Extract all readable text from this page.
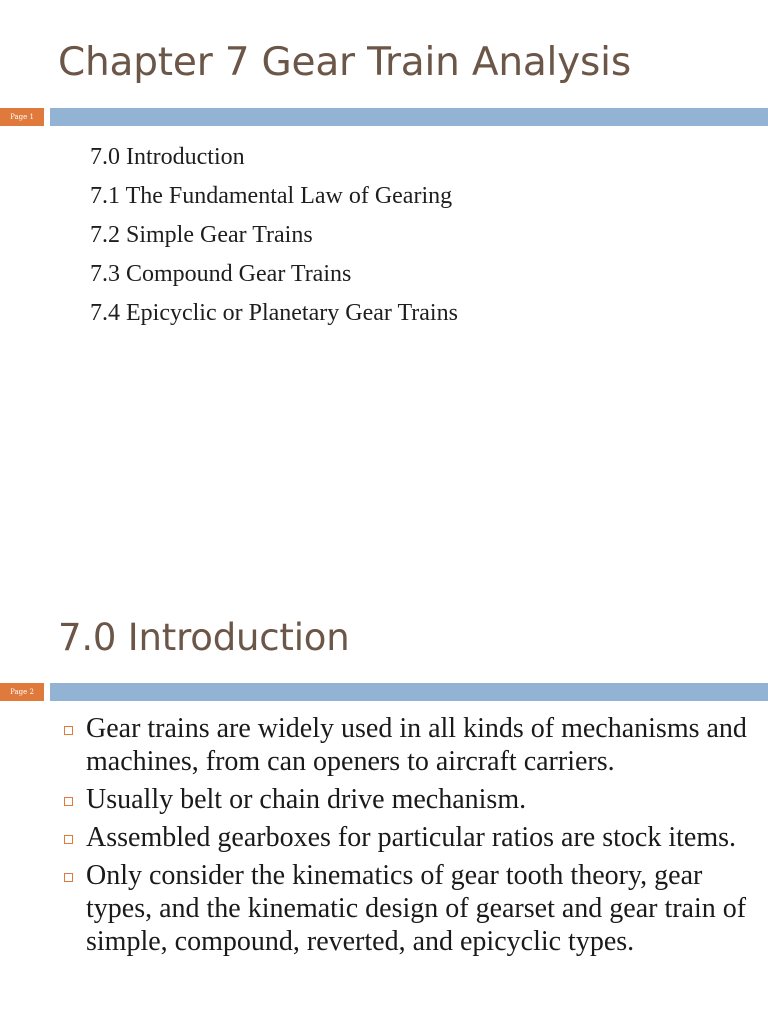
Chapter 7 Gear Train Analysis
Page 1
7.0 Introduction
7.1 The Fundamental Law of Gearing
7.2 Simple Gear Trains
7.3 Compound Gear Trains
7.4 Epicyclic or Planetary Gear Trains
7.0 Introduction
Page 2
Gear trains are widely used in all kinds of mechanisms and machines, from can openers to aircraft carriers.
Usually belt or chain drive mechanism.
Assembled gearboxes for particular ratios are stock items.
Only consider the kinematics of gear tooth theory, gear types, and the kinematic design of gearset and gear train of simple, compound, reverted, and epicyclic types.
